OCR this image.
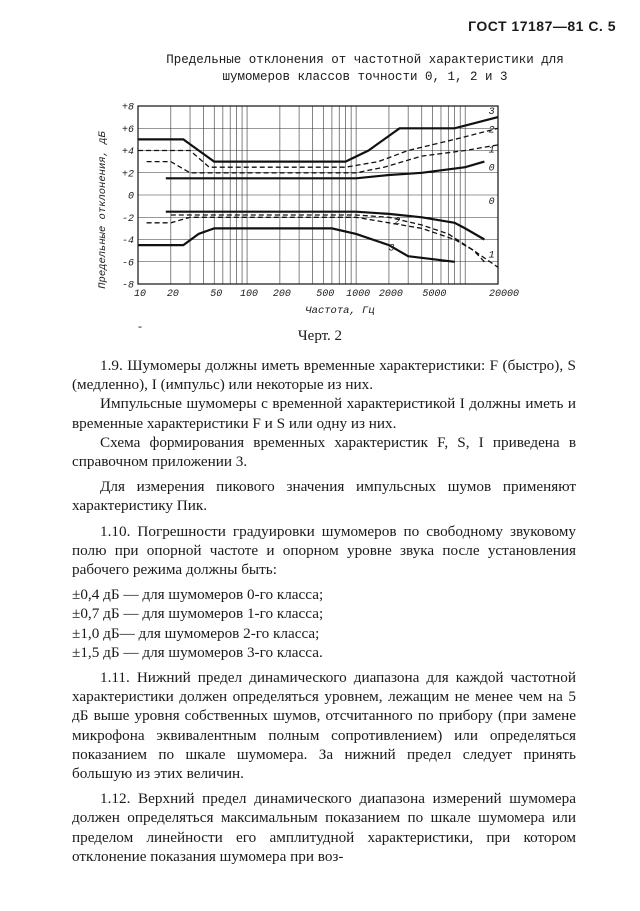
ГОСТ 17187—81 С. 5
Предельные отклонения от частотной характеристики для
шумомеров классов точности 0, 1, 2 и 3
-8
-6
-4
-2
0
+2
+4
+6
+8
10 20	50 100 200	500 1000 2000 5000	20000
3
2
1
0
0
2
3
1
Предельные отклонения, дБ
Частота, Гц
-
Черт. 2

1.9. Шумомеры должны иметь временные характеристики: F (быстро), S (медленно), I (импульс) или некоторые из них.

Импульсные шумомеры с временной характеристикой I должны иметь и временные характеристики F и S или одну из них.

Схема формирования временных характеристик F, S, I приведена в справочном приложении 3.

Для измерения пикового значения импульсных шумов применяют характеристику Пик.

1.10. Погрешности градуировки шумомеров по свободному звуковому полю при опорной частоте и опорном уровне звука после установления рабочего режима должны быть:

±0,4 дБ — для шумомеров 0-го класса;

±0,7 дБ — для шумомеров 1-го класса;

±1,0 дБ— для шумомеров 2-го класса;

±1,5 дБ — для шумомеров 3-го класса.

1.11. Нижний предел динамического диапазона для каждой частотной характеристики должен определяться уровнем, лежащим не менее чем на 5 дБ выше уровня собственных шумов, отсчитанного по прибору (при замене микрофона эквивалентным полным сопротивлением) или определяться показанием по шкале шумомера. За нижний предел следует принять большую из этих величин.

1.12. Верхний предел динамического диапазона измерений шумомера должен определяться максимальным показанием по шкале шумомера или пределом линейности его амплитудной характеристики, при котором отклонение показания шумомера при воз-
